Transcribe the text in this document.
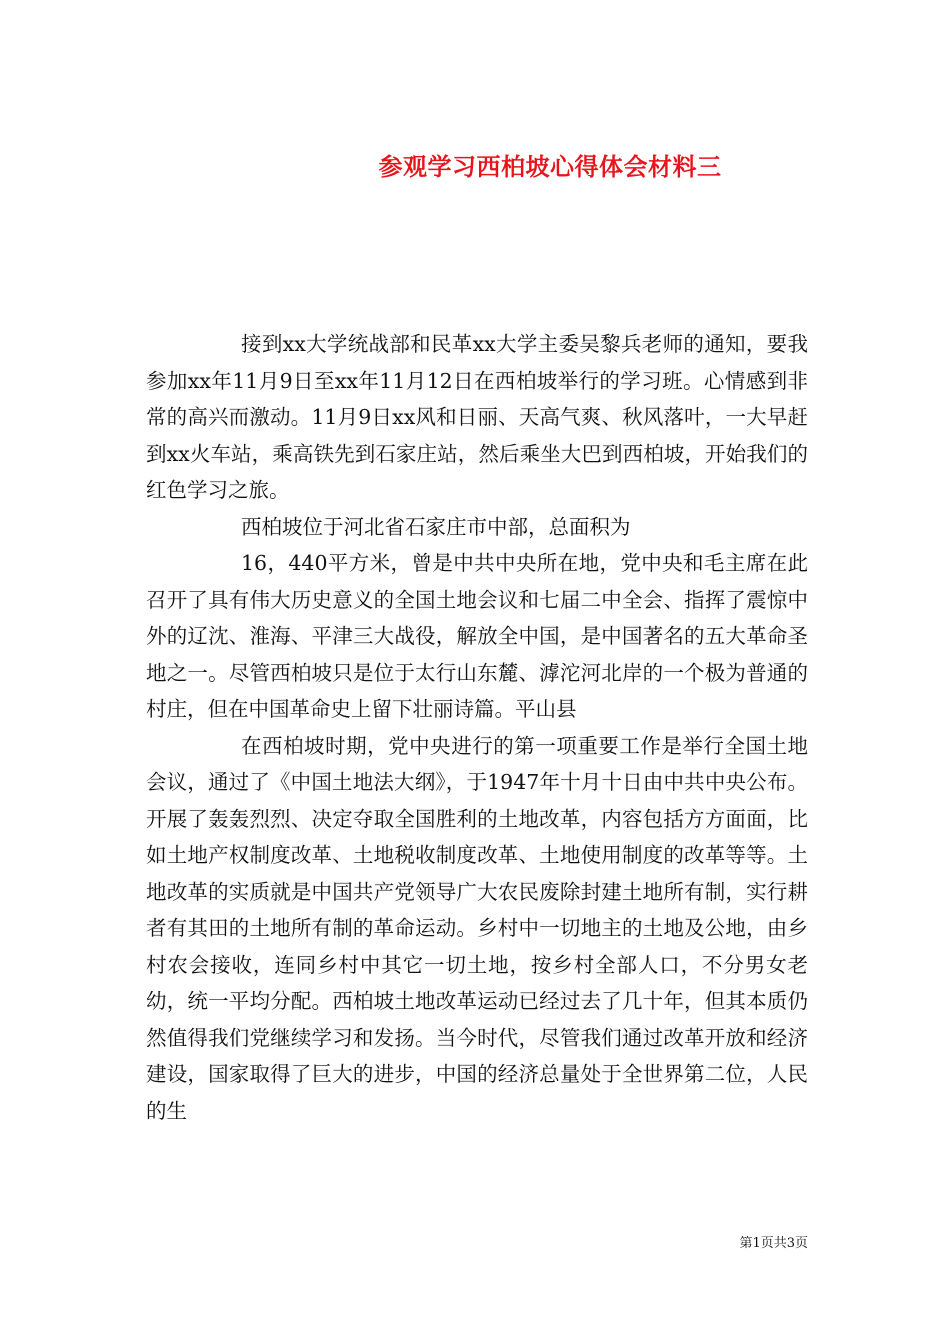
参观学习西柏坡心得体会材料三

接到xx大学统战部和民革xx大学主委吴黎兵老师的通知，要我参加xx年11月9日至xx年11月12日在西柏坡举行的学习班。心情感到非常的高兴而激动。11月9日xx风和日丽、天高气爽、秋风落叶，一大早赶到xx火车站，乘高铁先到石家庄站，然后乘坐大巴到西柏坡，开始我们的红色学习之旅。

西柏坡位于河北省石家庄市中部，总面积为

16，440平方米，曾是中共中央所在地，党中央和毛主席在此召开了具有伟大历史意义的全国土地会议和七届二中全会、指挥了震惊中外的辽沈、淮海、平津三大战役，解放全中国，是中国著名的五大革命圣地之一。尽管西柏坡只是位于太行山东麓、滹沱河北岸的一个极为普通的村庄，但在中国革命史上留下壮丽诗篇。平山县

在西柏坡时期，党中央进行的第一项重要工作是举行全国土地会议，通过了《中国土地法大纲》，于1947年十月十日由中共中央公布。开展了轰轰烈烈、决定夺取全国胜利的土地改革，内容包括方方面面，比如土地产权制度改革、土地税收制度改革、土地使用制度的改革等等。土地改革的实质就是中国共产党领导广大农民废除封建土地所有制，实行耕者有其田的土地所有制的革命运动。乡村中一切地主的土地及公地，由乡村农会接收，连同乡村中其它一切土地，按乡村全部人口，不分男女老幼，统一平均分配。西柏坡土地改革运动已经过去了几十年，但其本质仍然值得我们党继续学习和发扬。当今时代，尽管我们通过改革开放和经济建设，国家取得了巨大的进步，中国的经济总量处于全世界第二位，人民的生

第1页共3页
